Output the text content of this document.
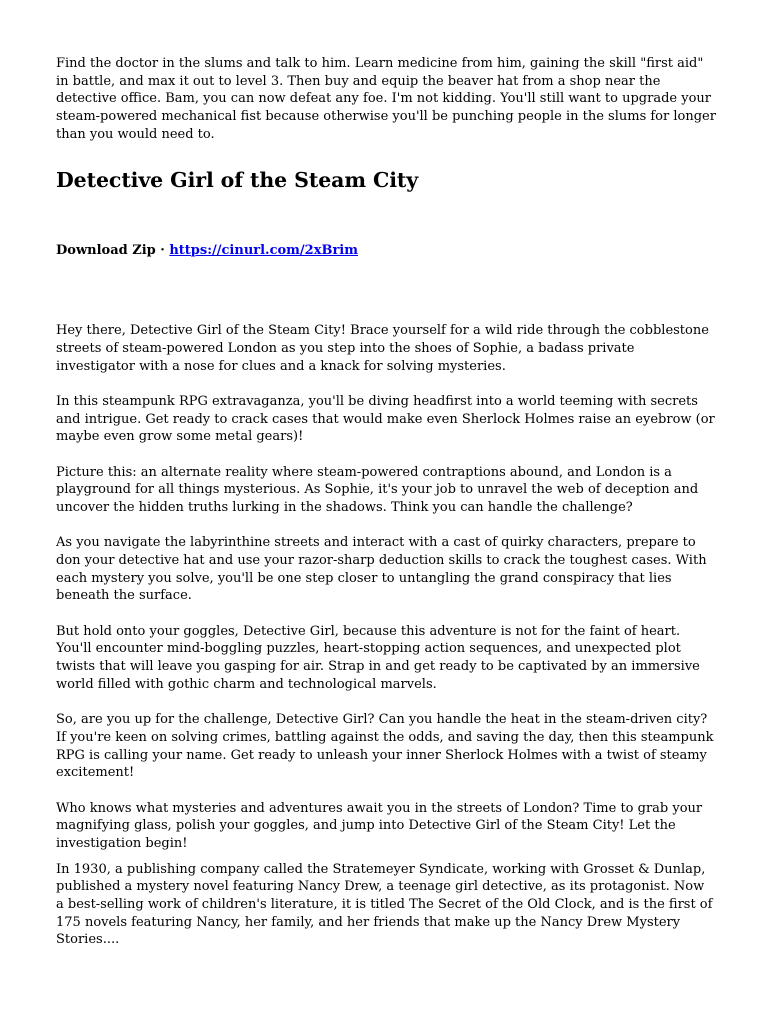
Find the doctor in the slums and talk to him. Learn medicine from him, gaining the skill "first aid" in battle, and max it out to level 3. Then buy and equip the beaver hat from a shop near the detective office. Bam, you can now defeat any foe. I'm not kidding. You'll still want to upgrade your steam-powered mechanical fist because otherwise you'll be punching people in the slums for longer than you would need to.

Detective Girl of the Steam City

Download Zip · https://cinurl.com/2xBrim

Hey there, Detective Girl of the Steam City! Brace yourself for a wild ride through the cobblestone streets of steam-powered London as you step into the shoes of Sophie, a badass private investigator with a nose for clues and a knack for solving mysteries.

In this steampunk RPG extravaganza, you'll be diving headfirst into a world teeming with secrets and intrigue. Get ready to crack cases that would make even Sherlock Holmes raise an eyebrow (or maybe even grow some metal gears)!

Picture this: an alternate reality where steam-powered contraptions abound, and London is a playground for all things mysterious. As Sophie, it's your job to unravel the web of deception and uncover the hidden truths lurking in the shadows. Think you can handle the challenge?

As you navigate the labyrinthine streets and interact with a cast of quirky characters, prepare to don your detective hat and use your razor-sharp deduction skills to crack the toughest cases. With each mystery you solve, you'll be one step closer to untangling the grand conspiracy that lies beneath the surface.

But hold onto your goggles, Detective Girl, because this adventure is not for the faint of heart. You'll encounter mind-boggling puzzles, heart-stopping action sequences, and unexpected plot twists that will leave you gasping for air. Strap in and get ready to be captivated by an immersive world filled with gothic charm and technological marvels.

So, are you up for the challenge, Detective Girl? Can you handle the heat in the steam-driven city? If you're keen on solving crimes, battling against the odds, and saving the day, then this steampunk RPG is calling your name. Get ready to unleash your inner Sherlock Holmes with a twist of steamy excitement!

Who knows what mysteries and adventures await you in the streets of London? Time to grab your magnifying glass, polish your goggles, and jump into Detective Girl of the Steam City! Let the investigation begin!

In 1930, a publishing company called the Stratemeyer Syndicate, working with Grosset & Dunlap, published a mystery novel featuring Nancy Drew, a teenage girl detective, as its protagonist. Now a best-selling work of children's literature, it is titled The Secret of the Old Clock, and is the first of 175 novels featuring Nancy, her family, and her friends that make up the Nancy Drew Mystery Stories....
